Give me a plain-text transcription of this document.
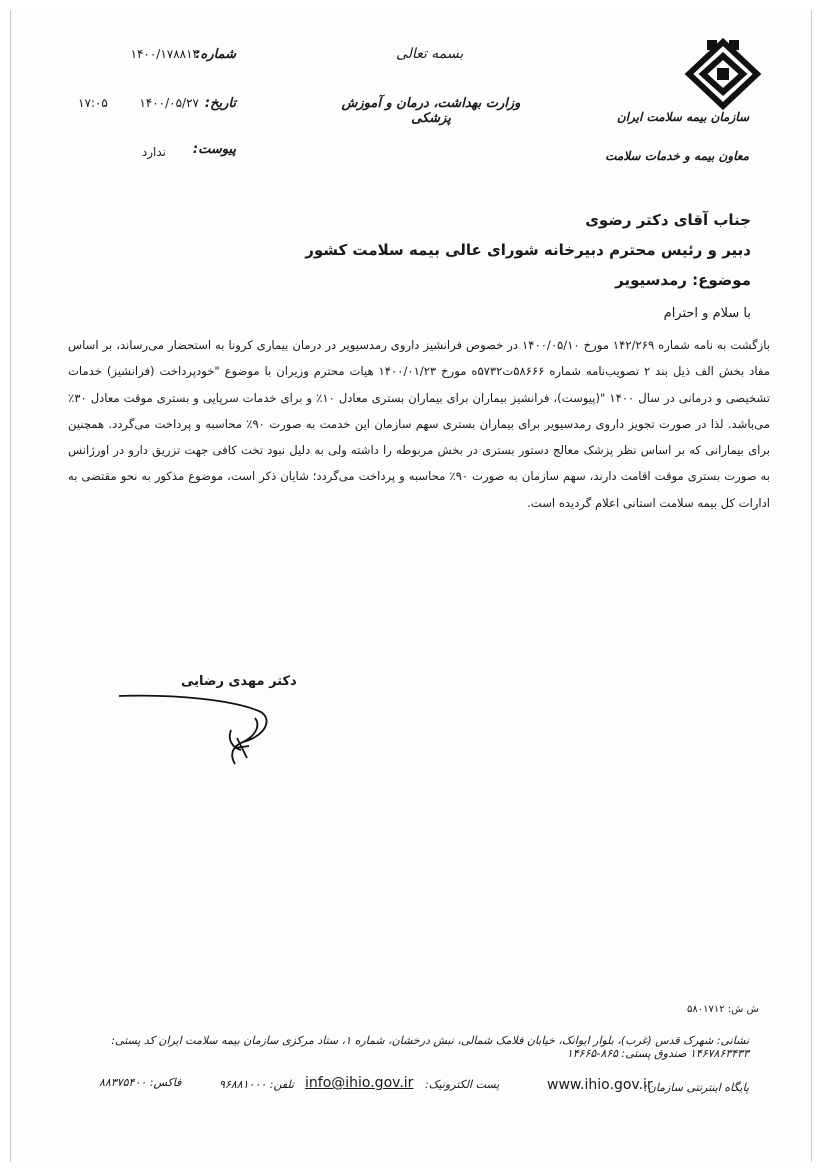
سازمان بیمه سلامت ایران
معاون بیمه و خدمات سلامت
بسمه تعالی
وزارت بهداشت، درمان و آموزش پزشکی
شماره:
۱۴۰۰/۱۷۸۸۱۴
تاریخ:
۱۴۰۰/۰۵/۲۷
۱۷:۰۵
پیوست:
ندارد
جناب آقای دکتر رضوی
دبیر و رئیس محترم دبیرخانه شورای عالی بیمه سلامت کشور
موضوع: رمدسیویر
با سلام و احترام
بازگشت به نامه شماره ۱۴۲/۲۶۹ مورخ ۱۴۰۰/۰۵/۱۰ در خصوص فرانشیز داروی رمدسیویر در درمان بیماری کرونا به استحضار می‌رساند، بر اساس مفاد بخش الف ذیل بند ۲ تصویب‌نامه شماره ۵۸۶۶۶ت۵۷۳۲ه مورخ ۱۴۰۰/۰۱/۲۳ هیات محترم وزیران با موضوع "خودپرداخت (فرانشیز) خدمات تشخیصی و درمانی در سال ۱۴۰۰ "(پیوست)، فرانشیز بیماران برای بیماران بستری معادل ۱۰٪ و برای خدمات سرپایی و بستری موقت معادل ۳۰٪ می‌باشد. لذا در صورت تجویز داروی رمدسیویر برای بیماران بستری سهم سازمان این خدمت به صورت ۹۰٪ محاسبه و پرداخت می‌گردد. همچنین برای بیمارانی که بر اساس نظر پزشک معالج دستور بستری در بخش مربوطه را داشته ولی به دلیل نبود تخت کافی جهت تزریق دارو در اورژانس به صورت بستری موقت اقامت دارند، سهم سازمان به صورت ۹۰٪ محاسبه و پرداخت می‌گردد؛ شایان ذکر است، موضوع مذکور به نحو مقتضی به ادارات کل بیمه سلامت استانی اعلام گردیده است.
دکتر مهدی رضایی
ش ش: ۵۸۰۱۷۱۲
نشانی: شهرک قدس (غرب)، بلوار ایوانک، خیابان فلامک شمالی، نبش درخشان، شماره ۱، ستاد مرکزی سازمان بیمه سلامت ایران کد پستی: ۱۴۶۷۸۶۳۴۳۳ صندوق پستی: ۸۶۵-۱۴۶۶۵
پایگاه اینترنتی سازمان:
www.ihio.gov.ir
پست الکترونیک:
info@ihio.gov.ir
تلفن: ۹۶۸۸۱۰۰۰
فاکس: ۸۸۳۷۵۴۰۰
